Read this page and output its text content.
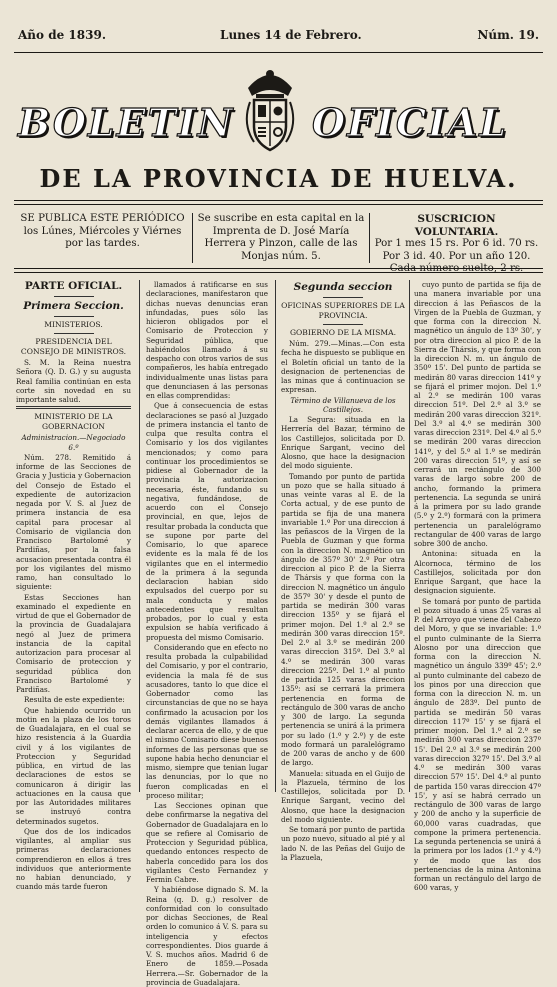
Año de 1839.	Lunes 14 de Febrero.	Núm. 19.
BOLETIN OFICIAL
DE LA PROVINCIA DE HUELVA.
SE PUBLICA ESTE PERIÓDICO los Lúnes, Miércoles y Viérnes por las tardes.
Se suscribe en esta capital en la Imprenta de D. José María Herrera y Pinzon, calle de las Monjas núm. 5.
SUSCRICION VOLUNTARIA.
Por 1 mes 15 rs. Por 6 id. 70 rs.
Por 3 id. 40. Por un año 120.
Cada número suelto, 2 rs.

PARTE OFICIAL.

Primera Seccion.

MINISTERIOS.

PRESIDENCIA DEL CONSEJO DE MINISTROS.

S. M. la Reina nuestra Señora (Q. D. G.) y su augusta Real familia continúan en esta corte sin novedad en su importante salud.

MINISTERIO DE LA GOBERNACION

Administracion.—Negociado 6.º

Núm. 278. Remitido á informe de las Secciones de Gracia y Justicia y Gobernacion del Consejo de Estado el expediente de autorizacion negada por V. S. al Juez de primera instancia de esa capital para procesar al Comisario de vigilancia don Francisco Bartolomé y Pardiñas, por la falsa acusacion presentada contra él por los vigilantes del mismo ramo, han consultado lo siguiente:

Estas Secciones han examinado el expediente en virtud de que el Gobernador de la provincia de Guadalajara negó al Juez de primera instancia de la capital autorizacion para procesar al Comisario de proteccion y seguridad pública don Francisco Bartolomé y Pardiñas.

Resulta de este expediente:

Que habiendo ocurrido un motin en la plaza de los toros de Guadalajara, en el cual se hizo resistencia á la Guardia civil y á los vigilantes de Proteccion y Seguridad pública, en virtud de las declaraciones de estos se comunicaron á dirigir las actuaciones en la causa que por las Autoridades militares se instruyó contra determinados sugetos.

Que dos de los indicados vigilantes, al ampliar sus primeras declaraciones comprendieron en ellos á tres individuos que anteriormente no habian denunciado, y cuando más tarde fueron

llamados á ratificarse en sus declaraciones, manifestaron que dichas nuevas denuncias eran infundadas, pues sólo las hicieron obligados por el Comisario de Proteccion y Seguridad pública, que habiéndolos llamado á su despacho con otros varios de sus compañeros, les había entregado individualmente unas listas para que denunciasen á las personas en ellas comprendidas:

Que á consecuencia de estas declaraciones se pasó al Juzgado de primera instancia el tanto de culpa que resulta contra el Comisario y los dos vigilantes mencionados; y como para continuar los procedimientos se pidiese al Gobernador de la provincia la autorizacion necesaria, éste, fundando su negativa, fundándose, de acuerdo con el Consejo provincial, en que, lejos de resultar probada la conducta que se supone por parte del Comisario, lo que aparece evidente es la mala fé de los vigilantes que en el intermedio de la primera á la segunda declaracion habian sido expulsados del cuerpo por su mala conducta y malos antecedentes que resultan probados, por lo cual y esta expulsion se había verificado á propuesta del mismo Comisario.

Considerando que en efecto no resulta probada la culpabilidad del Comisario, y por el contrario, evidencia la mala fé de sus acusadores, tanto lo que dice el Gobernador como las circunstancias de que no se haya confirmado la acusacion por los demás vigilantes llamados á declarar acerca de ello, y de que el mismo Comisario diese buenos informes de las personas que se supone habia hecho denunciar el mismo, siempre que tenian lugar las denuncias, por lo que no fueron complicadas en el proceso militar;

Las Secciones opinan que debe confirmarse la negativa del Gobernador de Guadalajara en lo que se refiere al Comisario de Proteccion y Seguridad pública, quedando entonces respecto de haberla concedido para los dos vigilantes Cesto Fernandez y Fermin Cabre.

Y habiéndose dignado S. M. la Reina (q. D. g.) resolver de conformidad con lo consultado por dichas Secciones, de Real orden lo comunico á V. S. para su inteligencia y efectos correspondientes. Dios guarde á V. S. muchos años. Madrid 6 de Enero de 1859.—Posada Herrera.—Sr. Gobernador de la provincia de Guadalajara.

Segunda seccion

OFICINAS SUPERIORES DE LA PROVINCIA.

GOBIERNO DE LA MISMA.

Núm. 279.—Minas.—Con esta fecha he dispuesto se publique en el Boletín oficial un tanto de la designacion de pertenencias de las minas que á continuacion se expresan.

Término de Villanueva de los Castillejos.

La Segura: situada en la Herrería del Bazar, término de los Castillejos, solicitada por D. Enrique Sargant, vecino del Alosno, que hace la designacion del modo siguiente.

Tomando por punto de partida un pozo que se halla situado á unas veinte varas al E. de la Corta actual, y de ese punto de partida se fija de una manera invariable 1.º Por una direccion á las peñascos de la Virgen de la Puebla de Guzman y que forma con la direccion N. magnético un ángulo de 357º 30' 2.º Por otra direccion al pico P. de la Sierra de Thársis y que forma con la direccion N. magnético un ángulo de 357º 30' y desde el punto de partida se medirán 300 varas direccion 135º y se fijará el primer mojon. Del 1.º al 2.º se medirán 300 varas direccion 15º. Del 2.º al 3.º se medirán 200 varas direccion 315º. Del 3.º al 4.º se medirán 300 varas direccion 225º. Del 1.º al punto de partida 125 varas direccion 135º: así se cerrará la primera pertenencia en forma de rectángulo de 300 varas de ancho y 300 de largo. La segunda pertenencia se unirá á la primera por su lado (1.º y 2.º) y de este modo formará un paralelógramo de 200 varas de ancho y de 600 de largo.

Manuela: situada en el Guijo de la Plazuela, término de los Castillejos, solicitada por D. Enrique Sargant, vecino del Alosno, que hace la designacion del modo siguiente.

Se tomará por punto de partida un pozo nuevo, situado al pié y al lado N. de las Peñas del Guijo de la Plazuela,

cuyo punto de partida se fija de una manera invariable por una direccion á las Peñascos de la Virgen de la Puebla de Guzman, y que forma con la direccion N. magnético un ángulo de 13º 30', y por otra direccion al pico P. de la Sierra de Thársis, y que forma con la direccion N. m. un ángulo de 350º 15'. Del punto de partida se medirán 80 varas direccion 141º y se fijará el primer mojon. Del 1.º al 2.º se medirán 100 varas direccion 51º. Del 2.º al 3.º se medirán 200 varas direccion 321º. Del 3.º al 4.º se medirán 300 varas direccion 231º. Del 4.º al 5.º se medirán 200 varas direccion 141º, y del 5.º al 1.º se medirán 200 varas direccion 51º, y así se cerrará un rectángulo de 300 varas de largo sobre 200 de ancho, formando la primera pertenencia. La segunda se unirá á la primera por su lado grande (5.º y 2.º) formará con la primera pertenencia un paralelógramo rectangular de 400 varas de largo sobre 300 de ancho.

Antonina: situada en la Alcornoca, término de los Castillejos, solicitada por don Enrique Sargant, que hace la designacion siguiente.

Se tomará por punto de partida el pozo situado á unas 25 varas al P. del Arroyo que viene del Cabezo del Moro, y que se invariable: 1.º el punto culminante de la Sierra Alosno por una direccion que forma con la direccion N. magnético un ángulo 339º 45'; 2.º al punto culminante del cabezo de los pinos por una direccion que forma con la direccion N. m. un ángulo de 283º. Del punto de partida se medirán 50 varas direccion 117º 15' y se fijará el primer mojon. Del 1.º al 2.º se medirán 300 varas direccion 237º 15'. Del 2.º al 3.º se medirán 200 varas direccion 327º 15'. Del 3.º al 4.º se medirán 300 varas direccion 57º 15'. Del 4.º al punto de partida 150 varas direccion 47º 15', y así se habrá cerrado un rectángulo de 300 varas de largo y 200 de ancho y la superficie de 60,000 varas cuadradas, que compone la primera pertenencia. La segunda pertenencia se unirá á la primera por los lados (1.º y 4.º) y de modo que las dos pertenencias de la mina Antonina forman un rectángulo del largo de 600 varas, y
